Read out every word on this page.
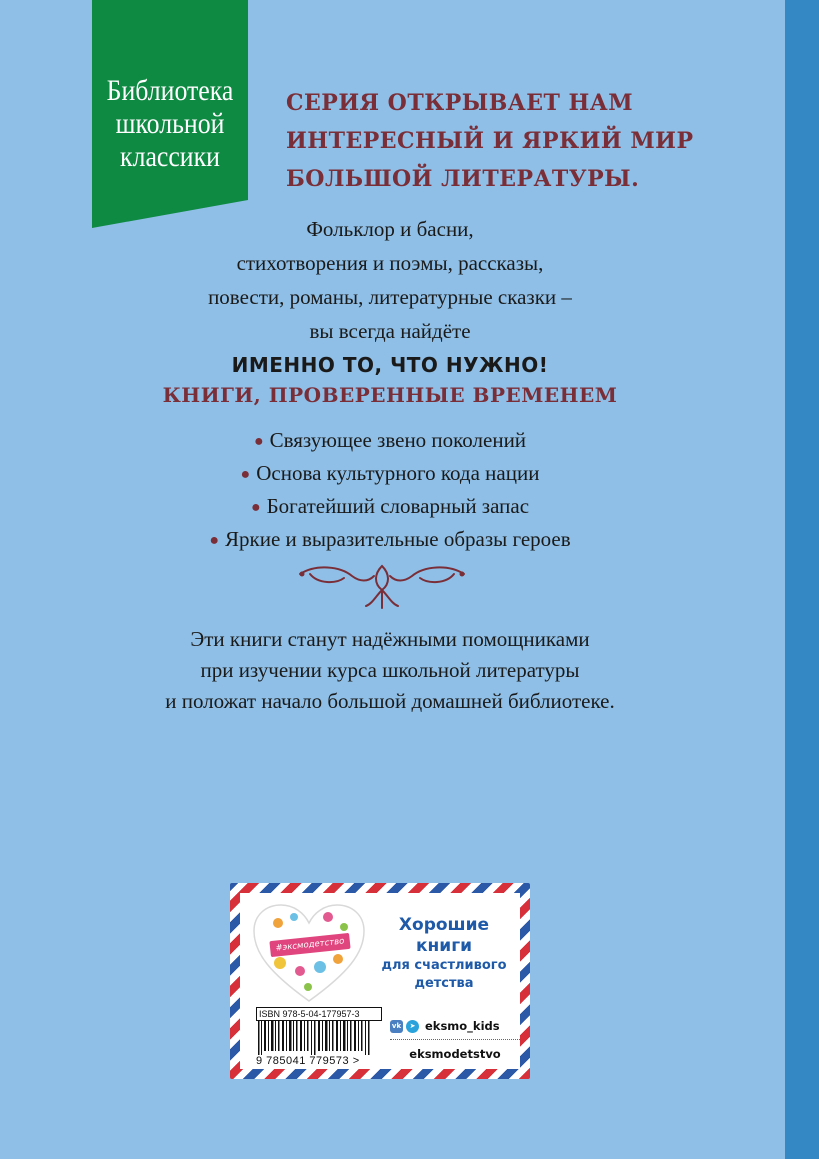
Библиотека
школьной
классики
СЕРИЯ ОТКРЫВАЕТ НАМ
ИНТЕРЕСНЫЙ И ЯРКИЙ МИР
БОЛЬШОЙ ЛИТЕРАТУРЫ.
Фольклор и басни,
стихотворения и поэмы, рассказы,
повести, романы, литературные сказки –
вы всегда найдёте
ИМЕННО ТО, ЧТО НУЖНО!
КНИГИ, ПРОВЕРЕННЫЕ ВРЕМЕНЕМ
● Связующее звено поколений
● Основа культурного кода нации
● Богатейший словарный запас
● Яркие и выразительные образы героев
Эти книги станут надёжными помощниками
при изучении курса школьной литературы
и положат начало большой домашней библиотеке.
#эксмодетство
Хорошие
книги
для счастливого
детства
ISBN 978-5-04-177957-3
9 785041 779573 >
vk	➤ eksmo_kids
eksmodetstvo
